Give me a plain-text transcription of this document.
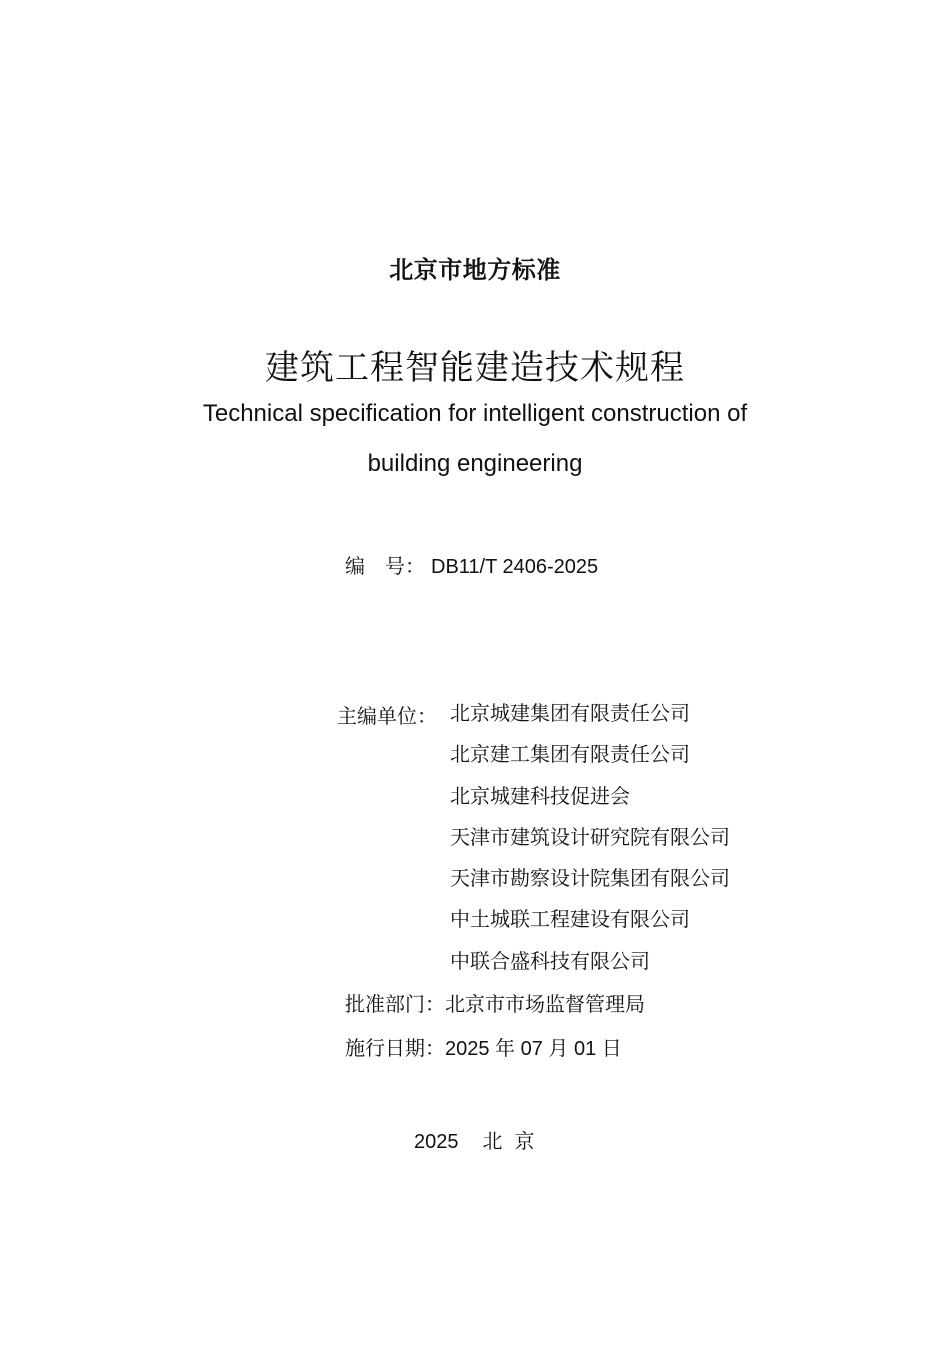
北京市地方标准
建筑工程智能建造技术规程
Technical specification for intelligent construction of
building engineering
编　号： DB11/T 2406-2025
主编单位： 北京城建集团有限责任公司
北京建工集团有限责任公司
北京城建科技促进会
天津市建筑设计研究院有限公司
天津市勘察设计院集团有限公司
中土城联工程建设有限公司
中联合盛科技有限公司
批准部门：北京市市场监督管理局
施行日期：2025 年 07 月 01 日
2025 北京
